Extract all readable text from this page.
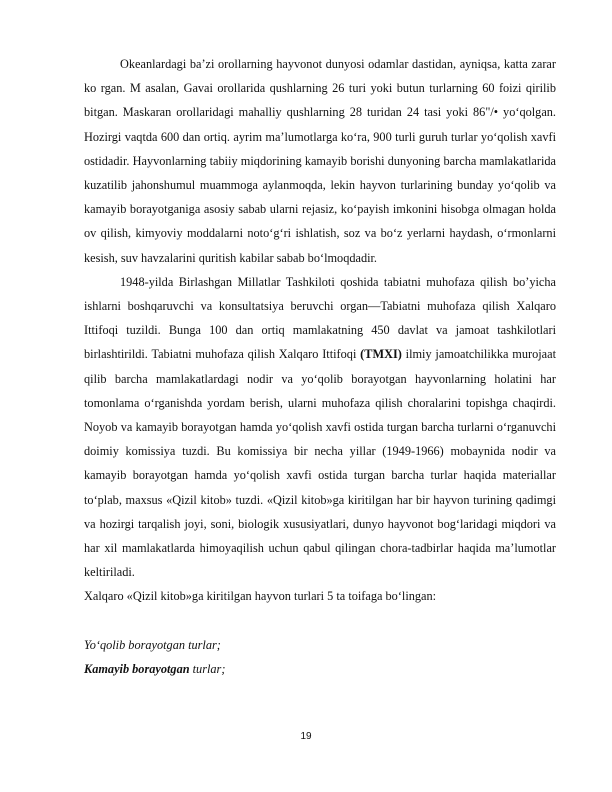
Okeanlardagi ba’zi orollarning hayvonot dunyosi odamlar dastidan, ayniqsa, katta zarar ko rgan. M asalan, Gavai orollarida qushlarning 26 turi yoki butun turlarning 60 foizi qirilib bitgan. Maskaran orollaridagi mahalliy qushlarning 28 turidan 24 tasi yoki 86"/• yo‘qolgan. Hozirgi vaqtda 600 dan ortiq. ayrim ma’lumotlarga ko‘ra, 900 turli guruh turlar yo‘qolish xavfi ostidadir. Hayvonlarning tabiiy miqdorining kamayib borishi dunyoning barcha mamlakatlarida kuzatilib jahonshumul muammoga aylanmoqda, lekin hayvon turlarining bunday yo‘qolib va kamayib borayotganiga asosiy sabab ularni rejasiz, ko‘payish imkonini hisobga olmagan holda ov qilish, kimyoviy moddalarni noto‘g‘ri ishlatish, soz va bo‘z yerlarni haydash, o‘rmonlarni kesish, suv havzalarini quritish kabilar sabab bo‘lmoqdadir.

1948-yilda Birlashgan Millatlar Tashkiloti qoshida tabiatni muhofaza qilish bo’yicha ishlarni boshqaruvchi va konsultatsiya beruvchi organ—Tabiatni muhofaza qilish Xalqaro Ittifoqi tuzildi. Bunga 100 dan ortiq mamlakatning 450 davlat va jamoat tashkilotlari birlashtirildi. Tabiatni muhofaza qilish Xalqaro Ittifoqi (TMXI) ilmiy jamoatchilikka murojaat qilib barcha mamlakatlardagi nodir va yo‘qolib borayotgan hayvonlarning holatini har tomonlama o‘rganishda yordam berish, ularni muhofaza qilish choralarini topishga chaqirdi. Noyob va kamayib borayotgan hamda yo‘qolish xavfi ostida turgan barcha turlarni o‘rganuvchi doimiy komissiya tuzdi. Bu komissiya bir necha yillar (1949-1966) mobaynida nodir va kamayib borayotgan hamda yo‘qolish xavfi ostida turgan barcha turlar haqida materiallar to‘plab, maxsus «Qizil kitob» tuzdi. «Qizil kitob»ga kiritilgan har bir hayvon turining qadimgi va hozirgi tarqalish joyi, soni, biologik xususiyatlari, dunyo hayvonot bog‘laridagi miqdori va har xil mamlakatlarda himoyaqilish uchun qabul qilingan chora-tadbirlar haqida ma’lumotlar keltiriladi.

Xalqaro «Qizil kitob»ga kiritilgan hayvon turlari 5 ta toifaga bo‘lingan:

Yo‘qolib borayotgan turlar;

Kamayib borayotgan turlar;

19
